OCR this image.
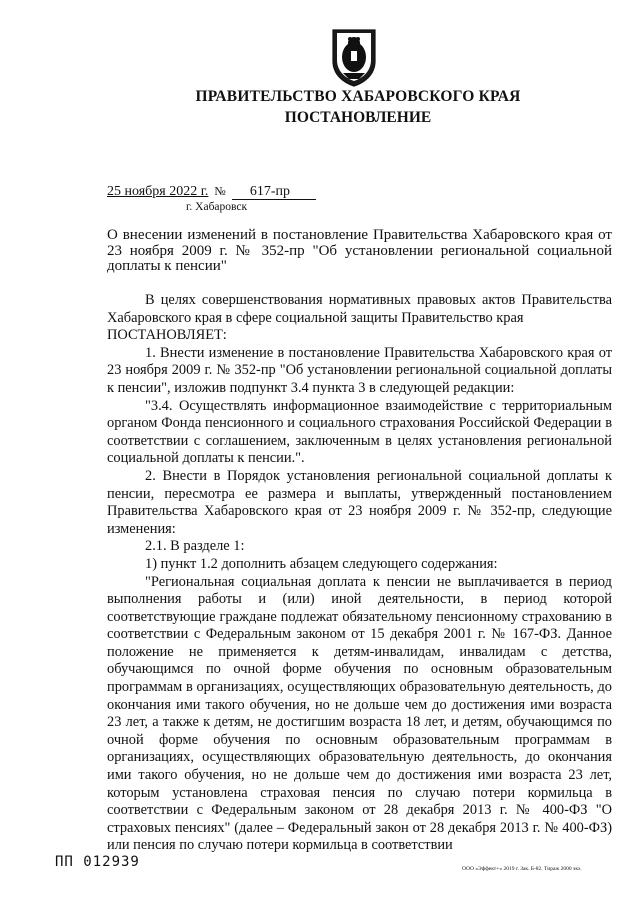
ПРАВИТЕЛЬСТВО ХАБАРОВСКОГО КРАЯ
ПОСТАНОВЛЕНИЕ
25 ноября 2022 г. № 617-пр
г. Хабаровск
О внесении изменений в постановление Правительства Хабаровского края от 23 ноября 2009 г. № 352-пр "Об установлении региональной социальной доплаты к пенсии"

В целях совершенствования нормативных правовых актов Правительства Хабаровского края в сфере социальной защиты Правительство края

ПОСТАНОВЛЯЕТ:

1. Внести изменение в постановление Правительства Хабаровского края от 23 ноября 2009 г. № 352-пр "Об установлении региональной социальной доплаты к пенсии", изложив подпункт 3.4 пункта 3 в следующей редакции:

"3.4. Осуществлять информационное взаимодействие с территориальным органом Фонда пенсионного и социального страхования Российской Федерации в соответствии с соглашением, заключенным в целях установления региональной социальной доплаты к пенсии.".

2. Внести в Порядок установления региональной социальной доплаты к пенсии, пересмотра ее размера и выплаты, утвержденный постановлением Правительства Хабаровского края от 23 ноября 2009 г. № 352-пр, следующие изменения:

2.1. В разделе 1:

1) пункт 1.2 дополнить абзацем следующего содержания:

"Региональная социальная доплата к пенсии не выплачивается в период выполнения работы и (или) иной деятельности, в период которой соответствующие граждане подлежат обязательному пенсионному страхованию в соответствии с Федеральным законом от 15 декабря 2001 г. № 167-ФЗ. Данное положение не применяется к детям-инвалидам, инвалидам с детства, обучающимся по очной форме обучения по основным образовательным программам в организациях, осуществляющих образовательную деятельность, до окончания ими такого обучения, но не дольше чем до достижения ими возраста 23 лет, а также к детям, не достигшим возраста 18 лет, и детям, обучающимся по очной форме обучения по основным образовательным программам в организациях, осуществляющих образовательную деятельность, до окончания ими такого обучения, но не дольше чем до достижения ими возраста 23 лет, которым установлена страховая пенсия по случаю потери кормильца в соответствии с Федеральным законом от 28 декабря 2013 г. № 400-ФЗ "О страховых пенсиях" (далее – Федеральный закон от 28 декабря 2013 г. № 400-ФЗ) или пенсия по случаю потери кормильца в соответствии

ПП 012939	ООО «Эффект+» 2019 г. Зак. Б-82. Тираж 2000 экз.
